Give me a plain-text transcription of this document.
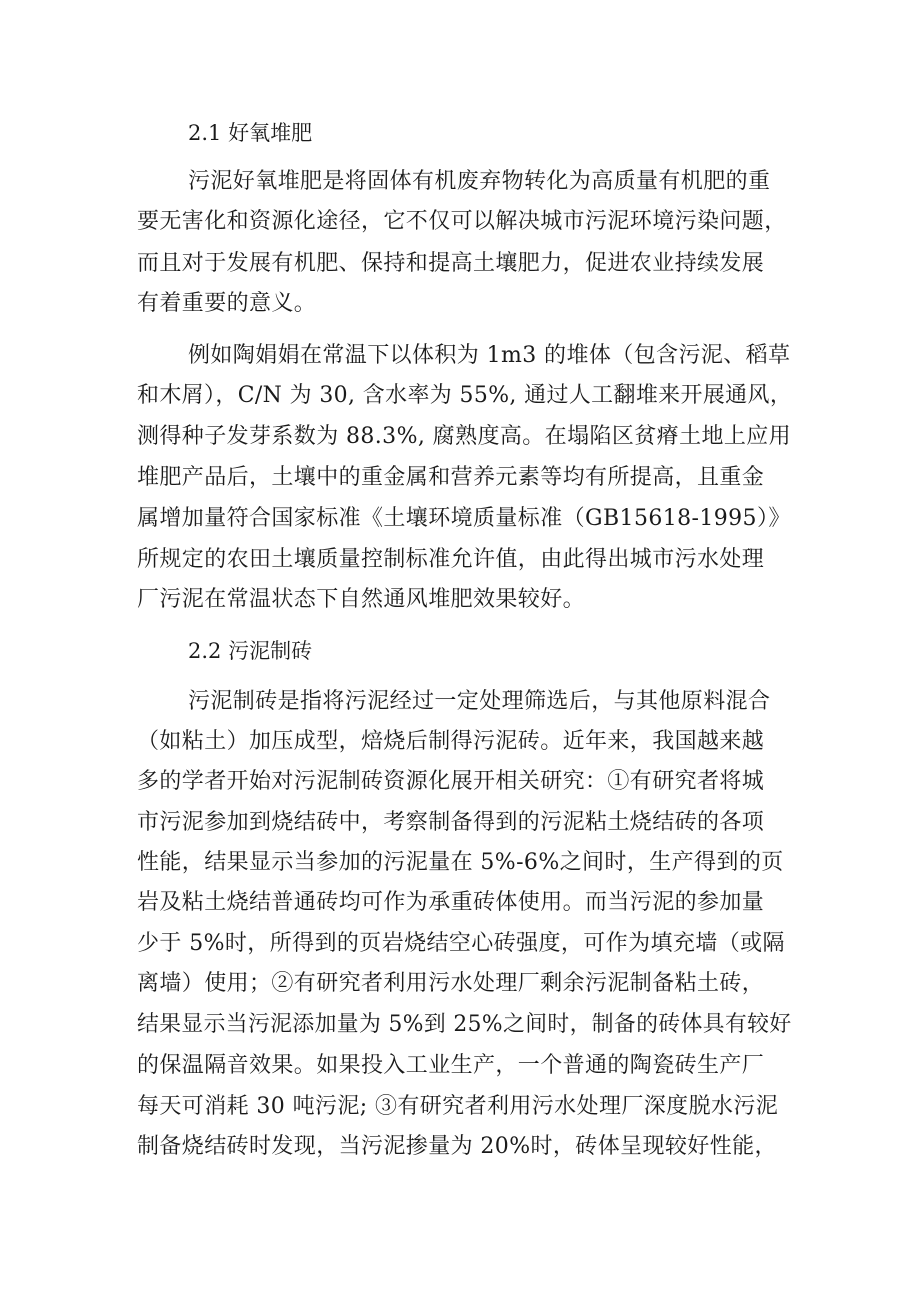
2.1 好氧堆肥
污泥好氧堆肥是将固体有机废弃物转化为高质量有机肥的重
要无害化和资源化途径，它不仅可以解决城市污泥环境污染问题，
而且对于发展有机肥、保持和提高土壤肥力，促进农业持续发展
有着重要的意义。
例如陶娟娟在常温下以体积为 1m3 的堆体（包含污泥、稻草
和木屑），C/N 为 30, 含水率为 55%, 通过人工翻堆来开展通风，
测得种子发芽系数为 88.3%, 腐熟度高。在塌陷区贫瘠土地上应用
堆肥产品后，土壤中的重金属和营养元素等均有所提高，且重金
属增加量符合国家标准《土壤环境质量标准（GB15618-1995）》
所规定的农田土壤质量控制标准允许值，由此得出城市污水处理
厂污泥在常温状态下自然通风堆肥效果较好。
2.2 污泥制砖
污泥制砖是指将污泥经过一定处理筛选后，与其他原料混合
（如粘土）加压成型，焙烧后制得污泥砖。近年来，我国越来越
多的学者开始对污泥制砖资源化展开相关研究：①有研究者将城
市污泥参加到烧结砖中，考察制备得到的污泥粘土烧结砖的各项
性能，结果显示当参加的污泥量在 5%-6%之间时，生产得到的页
岩及粘土烧结普通砖均可作为承重砖体使用。而当污泥的参加量
少于 5%时，所得到的页岩烧结空心砖强度，可作为填充墙（或隔
离墙）使用；②有研究者利用污水处理厂剩余污泥制备粘土砖，
结果显示当污泥添加量为 5%到 25%之间时，制备的砖体具有较好
的保温隔音效果。如果投入工业生产，一个普通的陶瓷砖生产厂
每天可消耗 30 吨污泥; ③有研究者利用污水处理厂深度脱水污泥
制备烧结砖时发现，当污泥掺量为 20%时，砖体呈现较好性能，
